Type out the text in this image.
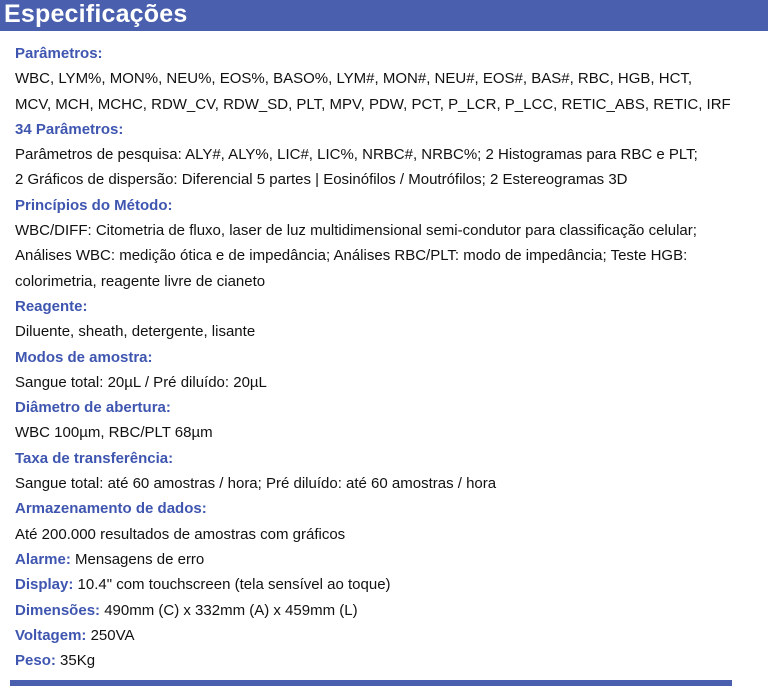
Especificações
Parâmetros:
WBC, LYM%, MON%, NEU%, EOS%, BASO%, LYM#, MON#, NEU#, EOS#, BAS#, RBC, HGB, HCT,
MCV, MCH, MCHC, RDW_CV, RDW_SD, PLT, MPV, PDW, PCT, P_LCR, P_LCC, RETIC_ABS, RETIC, IRF
34 Parâmetros:
Parâmetros de pesquisa: ALY#, ALY%, LIC#, LIC%, NRBC#, NRBC%; 2 Histogramas para RBC e PLT;
2 Gráficos de dispersão: Diferencial 5 partes | Eosinófilos / Moutrófilos; 2 Estereogramas 3D
Princípios do Método:
WBC/DIFF: Citometria de fluxo, laser de luz multidimensional semi-condutor para classificação celular;
Análises WBC: medição ótica e de impedância; Análises RBC/PLT: modo de impedância; Teste HGB:
colorimetria, reagente livre de cianeto
Reagente:
Diluente, sheath, detergente, lisante
Modos de amostra:
Sangue total: 20µL / Pré diluído: 20µL
Diâmetro de abertura:
WBC 100µm, RBC/PLT 68µm
Taxa de transferência:
Sangue total: até 60 amostras / hora; Pré diluído: até 60 amostras / hora
Armazenamento de dados:
Até 200.000 resultados de amostras com gráficos
Alarme: Mensagens de erro
Display: 10.4" com touchscreen (tela sensível ao toque)
Dimensões: 490mm (C) x 332mm (A) x 459mm (L)
Voltagem: 250VA
Peso: 35Kg
